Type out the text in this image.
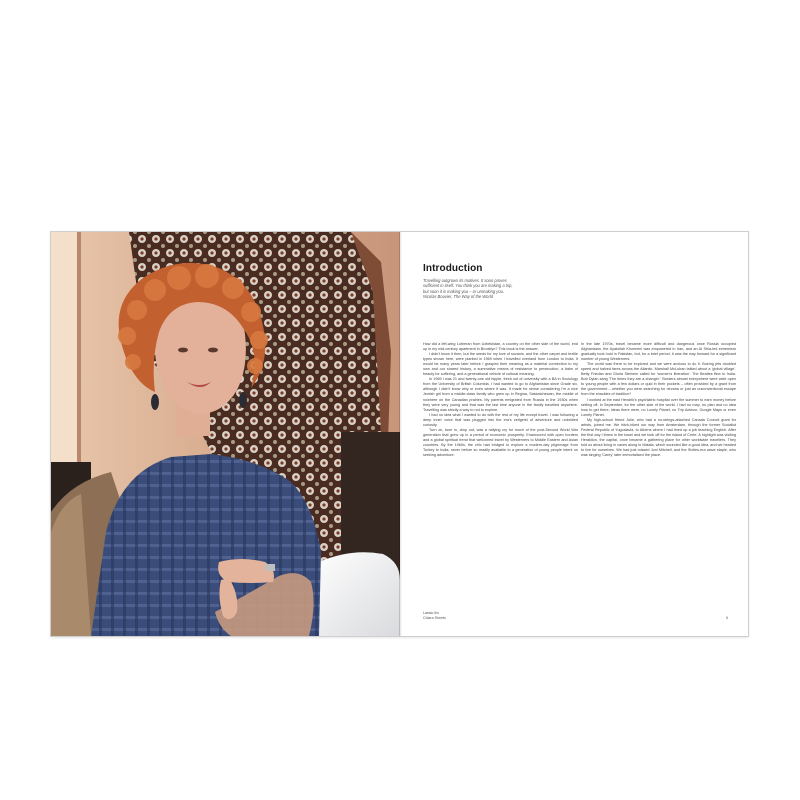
Introduction
Travelling outgrows its motives. It soon proves sufficient in itself. You think you are making a trip, but soon it is making you – or unmaking you.
Nicolas Bouvier, The Way of the World

How did a left-wing Lutheran from Uzbekistan, a country on the other side of the world, end up in my mid-century apartment in Brooklyn? This book is the answer.

I didn't know it then, but the seeds for my love of suzanis, and the other carpet and textile types shown here, were planted in 1969 when I travelled overland from London to India. It would be many years later before I grasped their meaning as a material connection to my own and our shared history, a summative means of resistance to persecution, a balm of beauty for suffering, and a generational vehicle of cultural meaning.

In 1969 I was 21 and twenty-one old hippie, fresh out of university with a BA in Sociology from the University of British Columbia. I had wanted to go to Afghanistan since Grade six, although I didn't know why or even where it was. It made for sense considering I'm a nice Jewish girl from a middle-class family who grew up in Regina, Saskatchewan, the middle of nowhere on the Canadian prairies. My parents emigrated from Russia in the 1930s when they were very young and that was the last time anyone in the family travelled anywhere. Travelling was strictly a way to not to explore.

I had no idea what I wanted to do with the rest of my life except travel. I was following a deep inner voice that was plugged into the era's zeitgeist of adventure and unbridled curiosity.

Turn on, tune in, drop out, was a rallying cry for much of the post-Second World War generation that grew up in a period of economic prosperity. Enamoured with open borders and a global spiritual trend that welcomed travel by Westerners to Middle Eastern and Asian countries. By the 1960s, the chic had bridged to explore a modern-day pilgrimage from Turkey to India; never before so readily available to a generation of young people intent on seeking adventure.

In the late 1970s, travel became more difficult and dangerous once Russia occupied Afghanistan, the Ayatollah Khomeini was empowered in Iran, and an Al Shia-led extremism gradually took hold in Pakistan, but, for a brief period, it was the way forward for a significant number of young Westerners.

The world was there to be explored and we were anxious to do it. Boeing jets doubled speed and halved fares across the Atlantic. Marshall McLuhan talked about a 'global village'. Betty Friedan and Gloria Steinem called for 'women's liberation'. The Beatles flew to India. Bob Dylan sang 'The times they are a-changin'.' Borders almost everywhere were wide open to young people with a few dollars or quid in their pockets – often provided by a grant from the government – whether you were searching for nirvana or just an unconventional escape from the shackles of tradition?

I worked at the east Hendrik's psychiatric hospital over the summer to earn money before setting off, in September, for the other side of the world. I had no map, no plan and no idea how to get there, ideas there were, no Lonely Planet, no Trip Advisor, Google Maps or even Lonely Planet.

My high-school friend Julie, who had a no-strings-attached Canada Council grant for artists, joined me. We hitch-hiked our way from Amsterdam, through the former Socialist Federal Republic of Yugoslavia, to Athens where I had lined up a job teaching English. After the first day I threw in the towel and we took off for the island of Crete. A highlight was visiting Heraklion, the capital, once became a gathering place for other worldwide travellers. They told us about living in caves along in Matala, which sounded like a good idea, and we headed to live for ourselves. We had just missed Joni Mitchell, and the Sixties-era wave staple, who was singing 'Carey' later immortalised the place.

Lasslo Illo
Chiara Sheets	5
